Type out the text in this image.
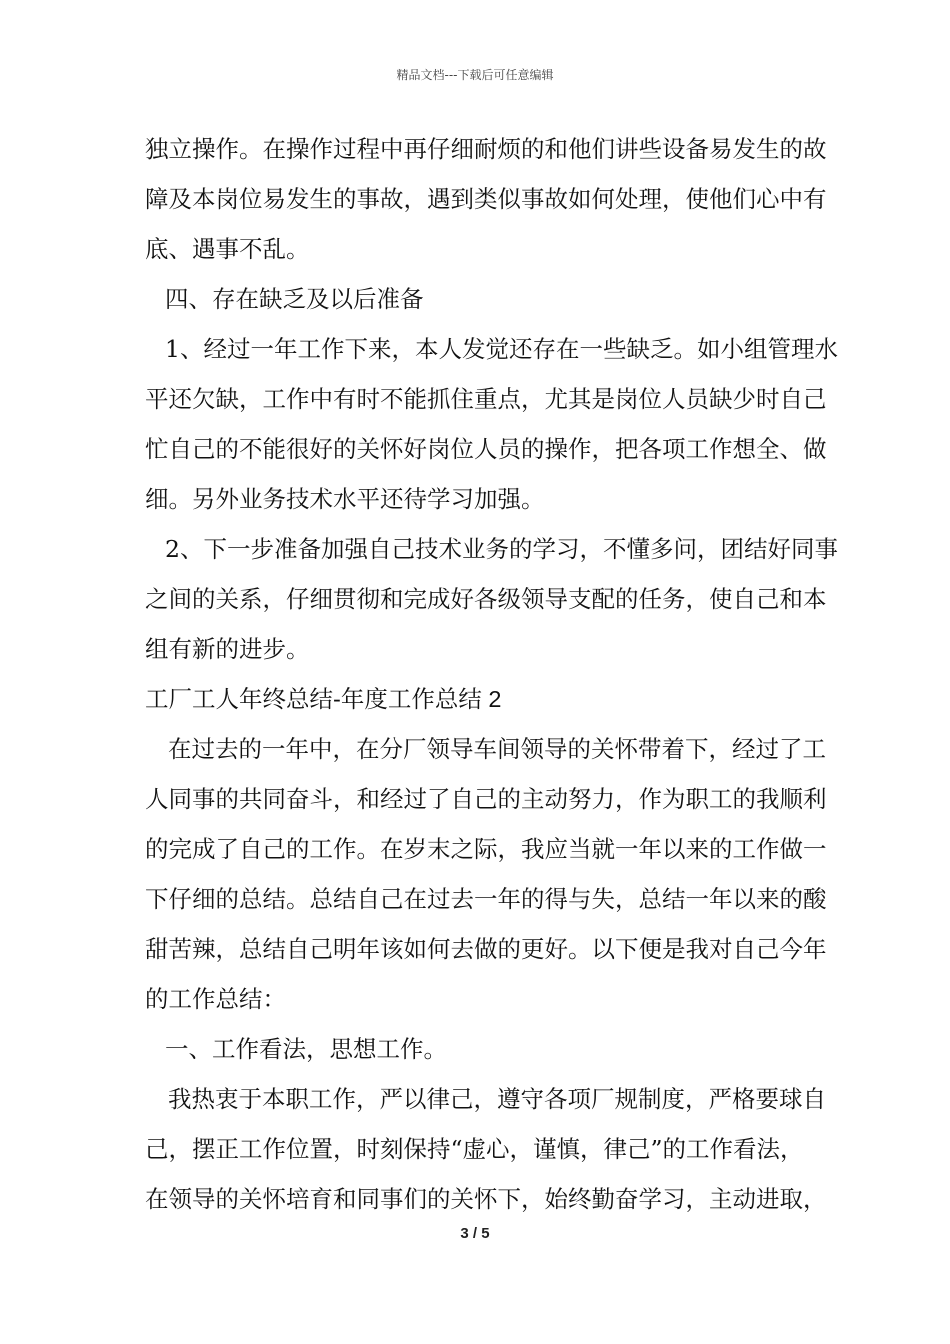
精品文档---下载后可任意编辑
独立操作。在操作过程中再仔细耐烦的和他们讲些设备易发生的故
障及本岗位易发生的事故，遇到类似事故如何处理，使他们心中有
底、遇事不乱。
四、存在缺乏及以后准备
1、经过一年工作下来，本人发觉还存在一些缺乏。如小组管理水
平还欠缺，工作中有时不能抓住重点，尤其是岗位人员缺少时自己
忙自己的不能很好的关怀好岗位人员的操作，把各项工作想全、做
细。另外业务技术水平还待学习加强。
2、下一步准备加强自己技术业务的学习，不懂多问，团结好同事
之间的关系，仔细贯彻和完成好各级领导支配的任务，使自己和本
组有新的进步。
工厂工人年终总结-年度工作总结 2
在过去的一年中，在分厂领导车间领导的关怀带着下，经过了工
人同事的共同奋斗，和经过了自己的主动努力，作为职工的我顺利
的完成了自己的工作。在岁末之际，我应当就一年以来的工作做一
下仔细的总结。总结自己在过去一年的得与失，总结一年以来的酸
甜苦辣，总结自己明年该如何去做的更好。以下便是我对自己今年
的工作总结：
一、工作看法，思想工作。
我热衷于本职工作，严以律己，遵守各项厂规制度，严格要球自
己，摆正工作位置，时刻保持“虚心，谨慎，律己”的工作看法，
在领导的关怀培育和同事们的关怀下，始终勤奋学习，主动进取，
3 / 5
